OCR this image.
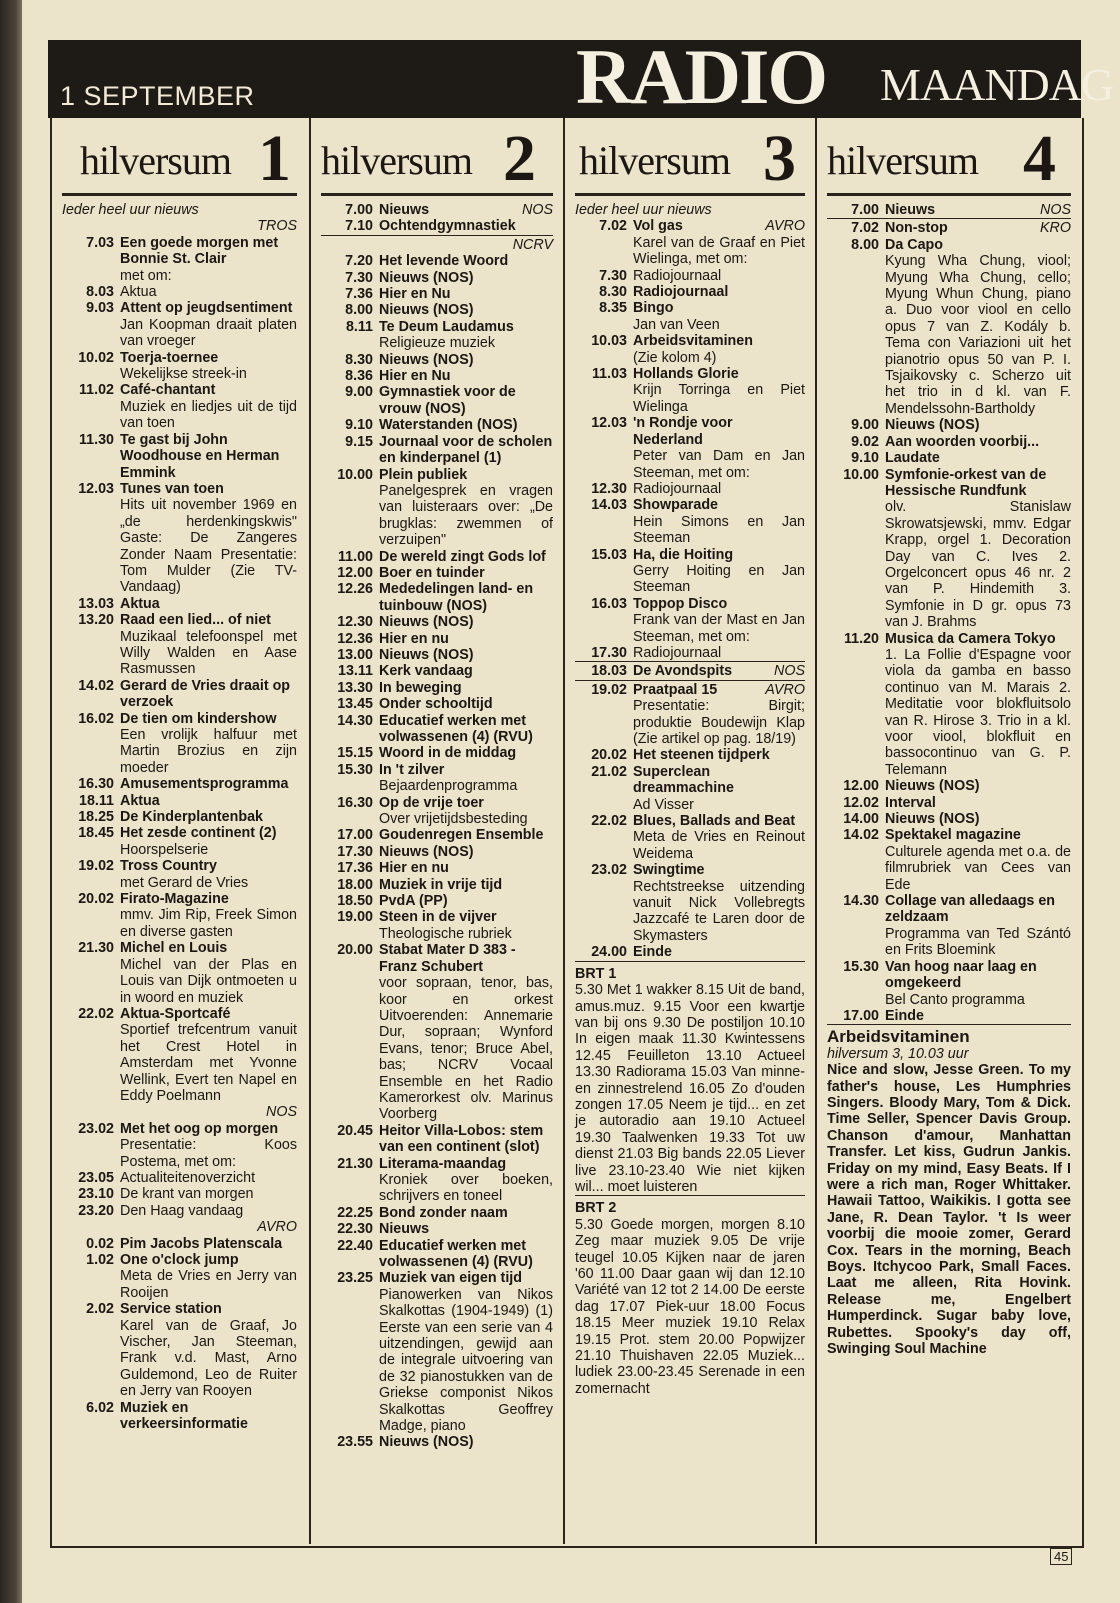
1 SEPTEMBER	RADIO MAANDAG
hilversum 1
Ieder heel uur nieuws
TROS
7.03 Een goede morgen met Bonnie St. Clair
met om:
8.03 Aktua
9.03 Attent op jeugdsentiment
Jan Koopman draait platen van vroeger
10.02 Toerja-toernee
Wekelijkse streek-in
11.02 Café-chantant
Muziek en liedjes uit de tijd van toen
11.30 Te gast bij John Woodhouse en Herman Emmink
12.03 Tunes van toen
Hits uit november 1969 en „de herdenkingskwis" Gaste: De Zangeres Zonder Naam Presentatie: Tom Mulder (Zie TV-Vandaag)
13.03 Aktua
13.20 Raad een lied... of niet
Muzikaal telefoonspel met Willy Walden en Aase Rasmussen
14.02 Gerard de Vries draait op verzoek
16.02 De tien om kindershow
Een vrolijk halfuur met Martin Brozius en zijn moeder
16.30 Amusementsprogramma
18.11 Aktua
18.25 De Kinderplantenbak
18.45 Het zesde continent (2)
Hoorspelserie
19.02 Tross Country
met Gerard de Vries
20.02 Firato-Magazine
mmv. Jim Rip, Freek Simon en diverse gasten
21.30 Michel en Louis
Michel van der Plas en Louis van Dijk ontmoeten u in woord en muziek
22.02 Aktua-Sportcafé
Sportief trefcentrum vanuit het Crest Hotel in Amsterdam met Yvonne Wellink, Evert ten Napel en Eddy Poelmann
NOS
23.02 Met het oog op morgen
Presentatie: Koos Postema, met om:
23.05 Actualiteitenoverzicht
23.10 De krant van morgen
23.20 Den Haag vandaag
AVRO
0.02 Pim Jacobs Platenscala
1.02 One o'clock jump
Meta de Vries en Jerry van Rooijen
2.02 Service station
Karel van de Graaf, Jo Vischer, Jan Steeman, Frank v.d. Mast, Arno Guldemond, Leo de Ruiter en Jerry van Rooyen
6.02 Muziek en verkeersinformatie
hilversum 2
7.00 Nieuws	NOS
7.10 Ochtendgymnastiek
NCRV
7.20 Het levende Woord
7.30 Nieuws (NOS)
7.36 Hier en Nu
8.00 Nieuws (NOS)
8.11 Te Deum Laudamus
Religieuze muziek
8.30 Nieuws (NOS)
8.36 Hier en Nu
9.00 Gymnastiek voor de vrouw (NOS)
9.10 Waterstanden (NOS)
9.15 Journaal voor de scholen en kinderpanel (1)
10.00 Plein publiek
Panelgesprek en vragen van luisteraars over: „De brugklas: zwemmen of verzuipen"
11.00 De wereld zingt Gods lof
12.00 Boer en tuinder
12.26 Mededelingen land- en tuinbouw (NOS)
12.30 Nieuws (NOS)
12.36 Hier en nu
13.00 Nieuws (NOS)
13.11 Kerk vandaag
13.30 In beweging
13.45 Onder schooltijd
14.30 Educatief werken met volwassenen (4) (RVU)
15.15 Woord in de middag
15.30 In 't zilver
Bejaardenprogramma
16.30 Op de vrije toer
Over vrijetijdsbesteding
17.00 Goudenregen Ensemble
17.30 Nieuws (NOS)
17.36 Hier en nu
18.00 Muziek in vrije tijd
18.50 PvdA (PP)
19.00 Steen in de vijver
Theologische rubriek
20.00 Stabat Mater D 383 - Franz Schubert
voor sopraan, tenor, bas, koor en orkest Uitvoerenden: Annemarie Dur, sopraan; Wynford Evans, tenor; Bruce Abel, bas; NCRV Vocaal Ensemble en het Radio Kamerorkest olv. Marinus Voorberg
20.45 Heitor Villa-Lobos: stem van een continent (slot)
21.30 Literama-maandag
Kroniek over boeken, schrijvers en toneel
22.25 Bond zonder naam
22.30 Nieuws
22.40 Educatief werken met volwassenen (4) (RVU)
23.25 Muziek van eigen tijd
Pianowerken van Nikos Skalkottas (1904-1949) (1) Eerste van een serie van 4 uitzendingen, gewijd aan de integrale uitvoering van de 32 pianostukken van de Griekse componist Nikos Skalkottas Geoffrey Madge, piano
23.55 Nieuws (NOS)
hilversum 3
Ieder heel uur nieuws
7.02 Vol gas	AVRO
Karel van de Graaf en Piet Wielinga, met om:
7.30 Radiojournaal
8.30 Radiojournaal
8.35 Bingo
Jan van Veen
10.03 Arbeidsvitaminen
(Zie kolom 4)
11.03 Hollands Glorie
Krijn Torringa en Piet Wielinga
12.03 'n Rondje voor Nederland
Peter van Dam en Jan Steeman, met om:
12.30 Radiojournaal
14.03 Showparade
Hein Simons en Jan Steeman
15.03 Ha, die Hoiting
Gerry Hoiting en Jan Steeman
16.03 Toppop Disco
Frank van der Mast en Jan Steeman, met om:
17.30 Radiojournaal
18.03 De Avondspits	NOS
19.02 Praatpaal 15	AVRO
Presentatie: Birgit; produktie Boudewijn Klap (Zie artikel op pag. 18/19)
20.02 Het steenen tijdperk
21.02 Superclean dreammachine
Ad Visser
22.02 Blues, Ballads and Beat
Meta de Vries en Reinout Weidema
23.02 Swingtime
Rechtstreekse uitzending vanuit Nick Vollebregts Jazzcafé te Laren door de Skymasters
24.00 Einde
BRT 1

5.30 Met 1 wakker 8.15 Uit de band, amus.muz. 9.15 Voor een kwartje van bij ons 9.30 De postiljon 10.10 In eigen maak 11.30 Kwintessens 12.45 Feuilleton 13.10 Actueel 13.30 Radiorama 15.03 Van minne- en zinnestrelend 16.05 Zo d'ouden zongen 17.05 Neem je tijd... en zet je autoradio aan 19.10 Actueel 19.30 Taalwenken 19.33 Tot uw dienst 21.03 Big bands 22.05 Liever live 23.10-23.40 Wie niet kijken wil... moet luisteren

BRT 2

5.30 Goede morgen, morgen 8.10 Zeg maar muziek 9.05 De vrije teugel 10.05 Kijken naar de jaren '60 11.00 Daar gaan wij dan 12.10 Variété van 12 tot 2 14.00 De eerste dag 17.07 Piek-uur 18.00 Focus 18.15 Meer muziek 19.10 Relax 19.15 Prot. stem 20.00 Popwijzer 21.10 Thuishaven 22.05 Muziek... ludiek 23.00-23.45 Serenade in een zomernacht

hilversum 4
7.00 Nieuws	NOS
7.02 Non-stop	KRO
8.00 Da Capo
Kyung Wha Chung, viool; Myung Wha Chung, cello; Myung Whun Chung, piano a. Duo voor viool en cello opus 7 van Z. Kodály b. Tema con Variazioni uit het pianotrio opus 50 van P. I. Tsjaikovsky c. Scherzo uit het trio in d kl. van F. Mendelssohn-Bartholdy
9.00 Nieuws (NOS)
9.02 Aan woorden voorbij...
9.10 Laudate
10.00 Symfonie-orkest van de Hessische Rundfunk
olv. Stanislaw Skrowatsjewski, mmv. Edgar Krapp, orgel 1. Decoration Day van C. Ives 2. Orgelconcert opus 46 nr. 2 van P. Hindemith 3. Symfonie in D gr. opus 73 van J. Brahms
11.20 Musica da Camera Tokyo
1. La Follie d'Espagne voor viola da gamba en basso continuo van M. Marais 2. Meditatie voor blokfluitsolo van R. Hirose 3. Trio in a kl. voor viool, blokfluit en bassocontinuo van G. P. Telemann
12.00 Nieuws (NOS)
12.02 Interval
14.00 Nieuws (NOS)
14.02 Spektakel magazine
Culturele agenda met o.a. de filmrubriek van Cees van Ede
14.30 Collage van alledaags en zeldzaam
Programma van Ted Szántó en Frits Bloemink
15.30 Van hoog naar laag en omgekeerd
Bel Canto programma
17.00 Einde
Arbeidsvitaminen
hilversum 3, 10.03 uur

Nice and slow, Jesse Green. To my father's house, Les Humphries Singers. Bloody Mary, Tom & Dick. Time Seller, Spencer Davis Group. Chanson d'amour, Manhattan Transfer. Let kiss, Gudrun Jankis. Friday on my mind, Easy Beats. If I were a rich man, Roger Whittaker. Hawaii Tattoo, Waikikis. I gotta see Jane, R. Dean Taylor. 't Is weer voorbij die mooie zomer, Gerard Cox. Tears in the morning, Beach Boys. Itchycoo Park, Small Faces. Laat me alleen, Rita Hovink. Release me, Engelbert Humperdinck. Sugar baby love, Rubettes. Spooky's day off, Swinging Soul Machine

45
